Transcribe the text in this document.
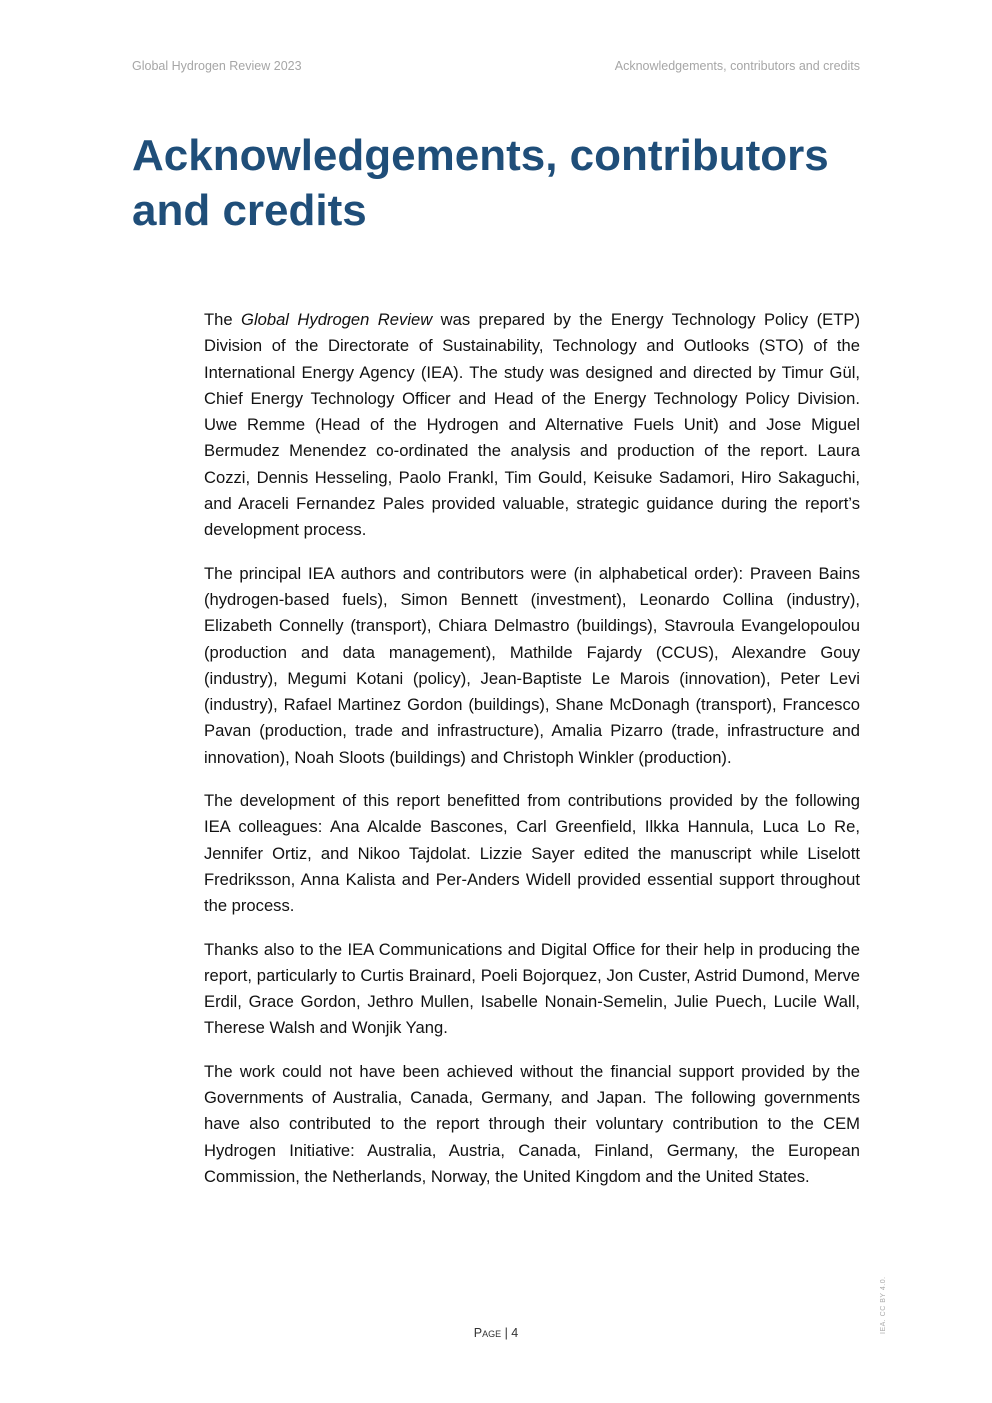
Global Hydrogen Review 2023	Acknowledgements, contributors and credits
Acknowledgements, contributors and credits

The Global Hydrogen Review was prepared by the Energy Technology Policy (ETP) Division of the Directorate of Sustainability, Technology and Outlooks (STO) of the International Energy Agency (IEA). The study was designed and directed by Timur Gül, Chief Energy Technology Officer and Head of the Energy Technology Policy Division. Uwe Remme (Head of the Hydrogen and Alternative Fuels Unit) and Jose Miguel Bermudez Menendez co-ordinated the analysis and production of the report. Laura Cozzi, Dennis Hesseling, Paolo Frankl, Tim Gould, Keisuke Sadamori, Hiro Sakaguchi, and Araceli Fernandez Pales provided valuable, strategic guidance during the report’s development process.

The principal IEA authors and contributors were (in alphabetical order): Praveen Bains (hydrogen-based fuels), Simon Bennett (investment), Leonardo Collina (industry), Elizabeth Connelly (transport), Chiara Delmastro (buildings), Stavroula Evangelopoulou (production and data management), Mathilde Fajardy (CCUS), Alexandre Gouy (industry), Megumi Kotani (policy), Jean-Baptiste Le Marois (innovation), Peter Levi (industry), Rafael Martinez Gordon (buildings), Shane McDonagh (transport), Francesco Pavan (production, trade and infrastructure), Amalia Pizarro (trade, infrastructure and innovation), Noah Sloots (buildings) and Christoph Winkler (production).

The development of this report benefitted from contributions provided by the following IEA colleagues: Ana Alcalde Bascones, Carl Greenfield, Ilkka Hannula, Luca Lo Re, Jennifer Ortiz, and Nikoo Tajdolat. Lizzie Sayer edited the manuscript while Liselott Fredriksson, Anna Kalista and Per-Anders Widell provided essential support throughout the process.

Thanks also to the IEA Communications and Digital Office for their help in producing the report, particularly to Curtis Brainard, Poeli Bojorquez, Jon Custer, Astrid Dumond, Merve Erdil, Grace Gordon, Jethro Mullen, Isabelle Nonain-Semelin, Julie Puech, Lucile Wall, Therese Walsh and Wonjik Yang.

The work could not have been achieved without the financial support provided by the Governments of Australia, Canada, Germany, and Japan. The following governments have also contributed to the report through their voluntary contribution to the CEM Hydrogen Initiative: Australia, Austria, Canada, Finland, Germany, the European Commission, the Netherlands, Norway, the United Kingdom and the United States.

Page | 4	IEA. CC BY 4.0.
